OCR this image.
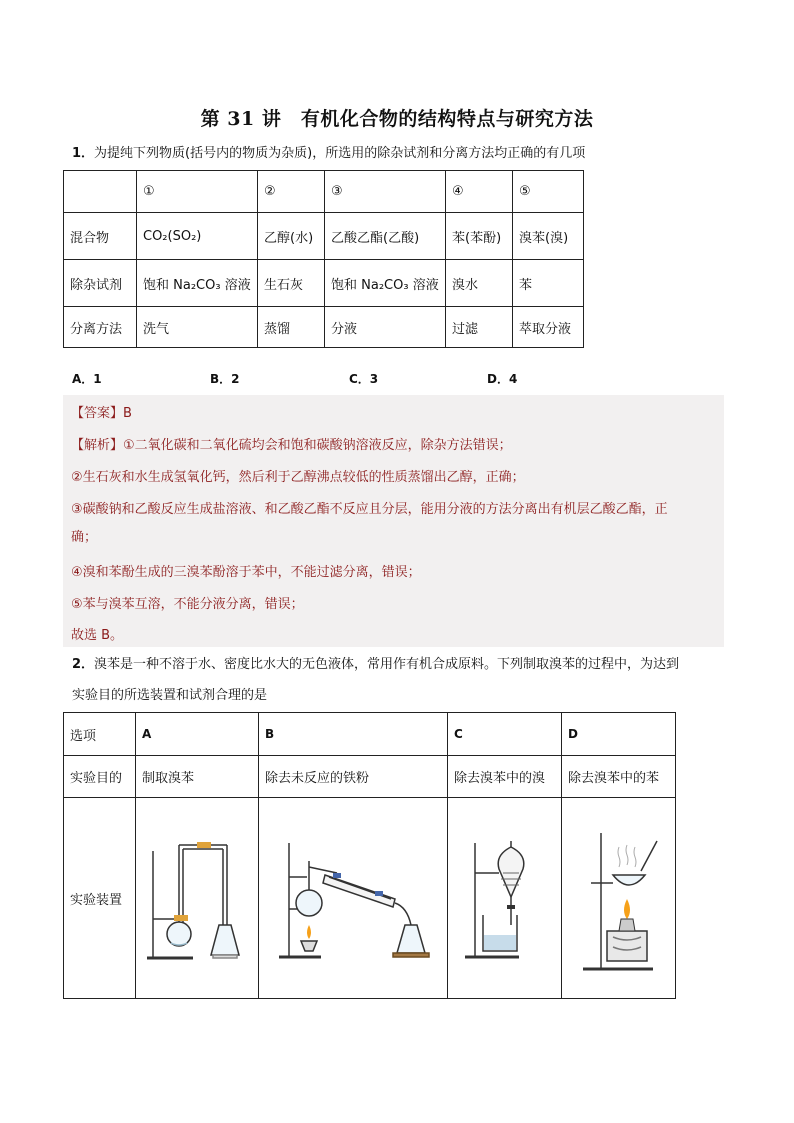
第 31 讲　有机化合物的结构特点与研究方法
1．为提纯下列物质(括号内的物质为杂质)，所选用的除杂试剂和分离方法均正确的有几项
	①	②	③	④	⑤
混合物	CO₂(SO₂)	乙醇(水)	乙酸乙酯(乙酸)	苯(苯酚)	溴苯(溴)
除杂试剂	饱和 Na₂CO₃ 溶液	生石灰	饱和 Na₂CO₃ 溶液	溴水	苯
分离方法	洗气	蒸馏	分液	过滤	萃取分液
A．1	B．2	C．3	D．4
【答案】B
【解析】①二氧化碳和二氧化硫均会和饱和碳酸钠溶液反应，除杂方法错误；
②生石灰和水生成氢氧化钙，然后利于乙醇沸点较低的性质蒸馏出乙醇，正确；
③碳酸钠和乙酸反应生成盐溶液、和乙酸乙酯不反应且分层，能用分液的方法分离出有机层乙酸乙酯，正
确；
④溴和苯酚生成的三溴苯酚溶于苯中，不能过滤分离，错误；
⑤苯与溴苯互溶，不能分液分离，错误；
故选 B。
2．溴苯是一种不溶于水、密度比水大的无色液体，常用作有机合成原料。下列制取溴苯的过程中，为达到
实验目的所选装置和试剂合理的是
选项	A	B	C	D
实验目的	制取溴苯	除去未反应的铁粉	除去溴苯中的溴	除去溴苯中的苯
实验装置	
